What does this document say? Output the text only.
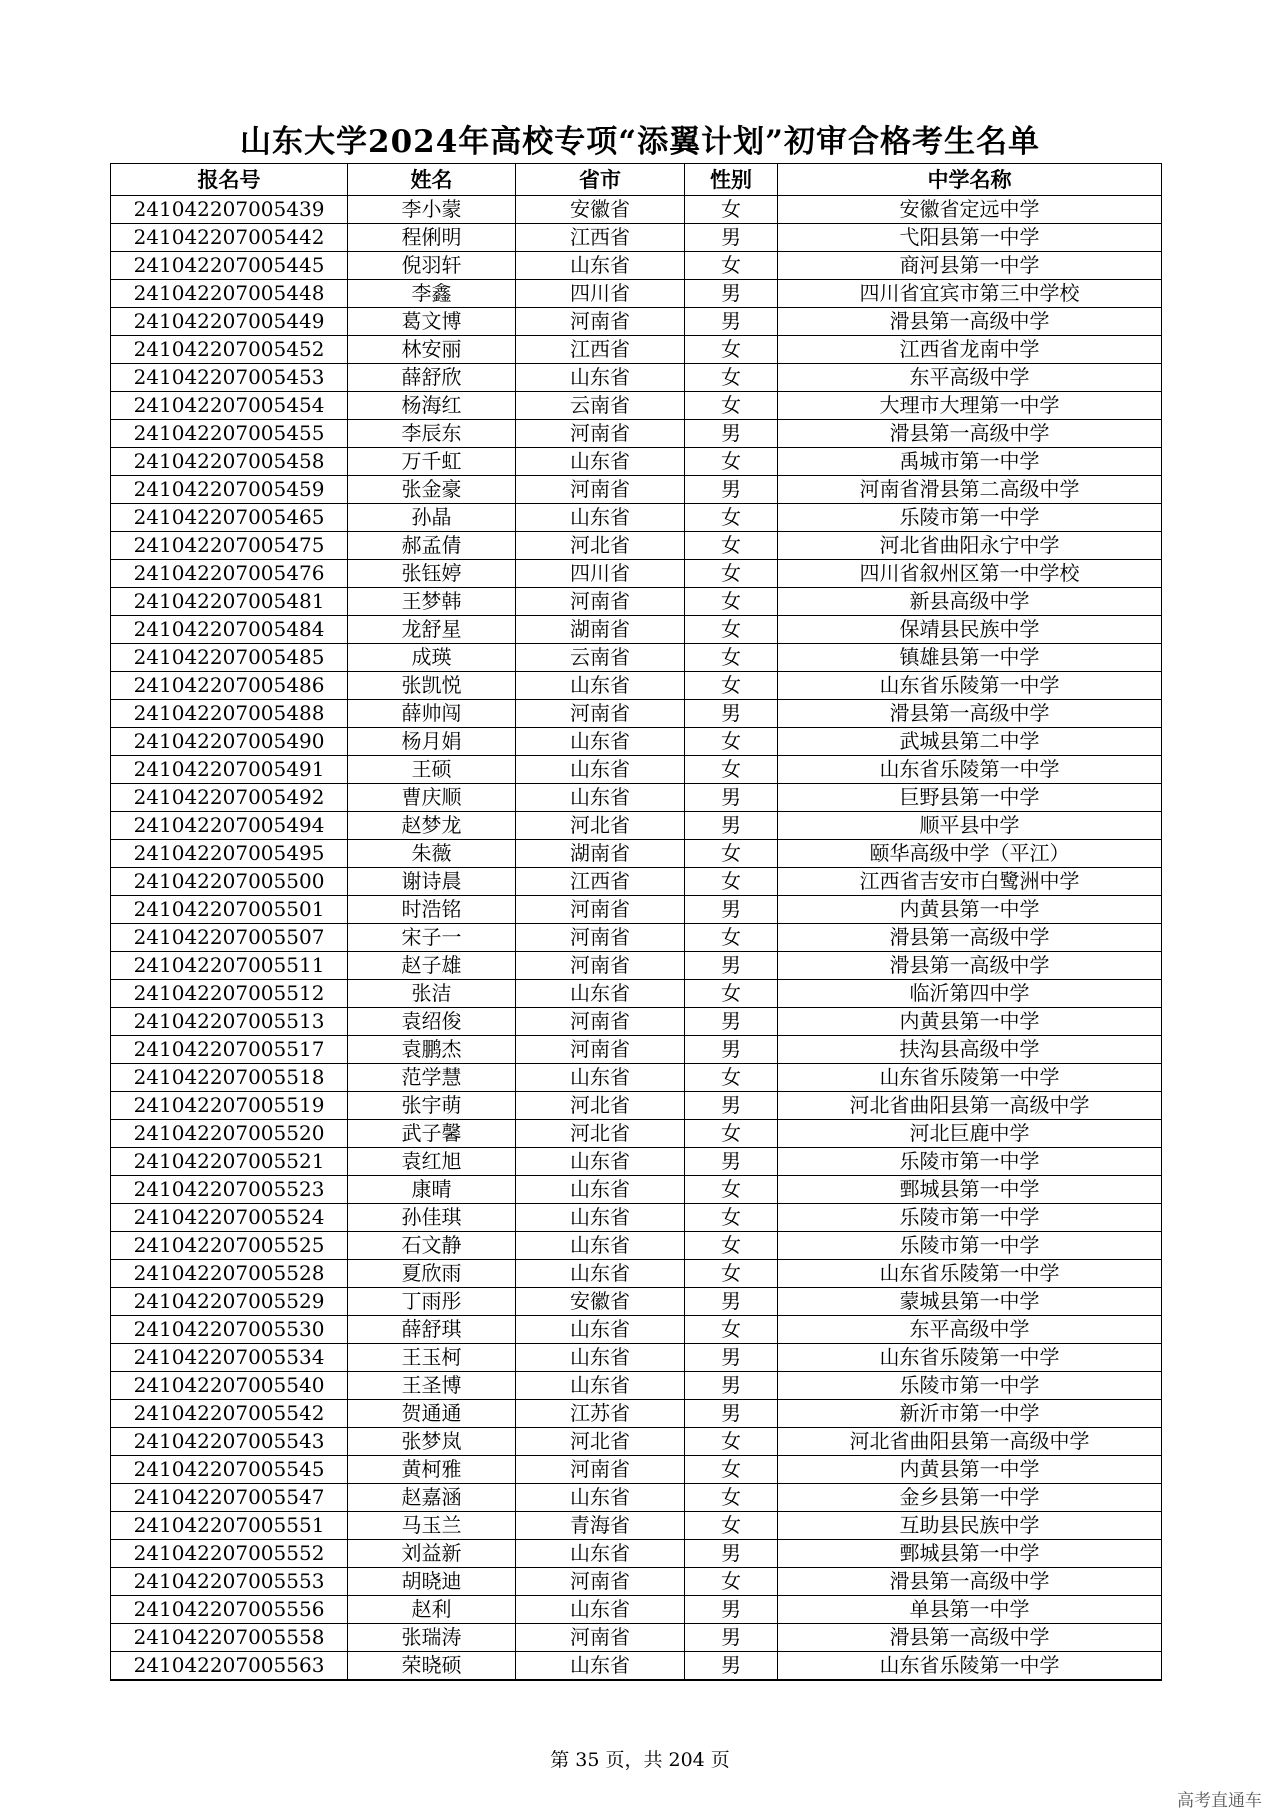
山东大学2024年高校专项“添翼计划”初审合格考生名单
报名号	姓名	省市	性别	中学名称
241042207005439	李小蒙	安徽省	女	安徽省定远中学
241042207005442	程俐明	江西省	男	弋阳县第一中学
241042207005445	倪羽轩	山东省	女	商河县第一中学
241042207005448	李鑫	四川省	男	四川省宜宾市第三中学校
241042207005449	葛文博	河南省	男	滑县第一高级中学
241042207005452	林安丽	江西省	女	江西省龙南中学
241042207005453	薛舒欣	山东省	女	东平高级中学
241042207005454	杨海红	云南省	女	大理市大理第一中学
241042207005455	李辰东	河南省	男	滑县第一高级中学
241042207005458	万千虹	山东省	女	禹城市第一中学
241042207005459	张金豪	河南省	男	河南省滑县第二高级中学
241042207005465	孙晶	山东省	女	乐陵市第一中学
241042207005475	郝孟倩	河北省	女	河北省曲阳永宁中学
241042207005476	张钰婷	四川省	女	四川省叙州区第一中学校
241042207005481	王梦韩	河南省	女	新县高级中学
241042207005484	龙舒星	湖南省	女	保靖县民族中学
241042207005485	成瑛	云南省	女	镇雄县第一中学
241042207005486	张凯悦	山东省	女	山东省乐陵第一中学
241042207005488	薛帅闯	河南省	男	滑县第一高级中学
241042207005490	杨月娟	山东省	女	武城县第二中学
241042207005491	王硕	山东省	女	山东省乐陵第一中学
241042207005492	曹庆顺	山东省	男	巨野县第一中学
241042207005494	赵梦龙	河北省	男	顺平县中学
241042207005495	朱薇	湖南省	女	颐华高级中学（平江）
241042207005500	谢诗晨	江西省	女	江西省吉安市白鹭洲中学
241042207005501	时浩铭	河南省	男	内黄县第一中学
241042207005507	宋子一	河南省	女	滑县第一高级中学
241042207005511	赵子雄	河南省	男	滑县第一高级中学
241042207005512	张洁	山东省	女	临沂第四中学
241042207005513	袁绍俊	河南省	男	内黄县第一中学
241042207005517	袁鹏杰	河南省	男	扶沟县高级中学
241042207005518	范学慧	山东省	女	山东省乐陵第一中学
241042207005519	张宇萌	河北省	男	河北省曲阳县第一高级中学
241042207005520	武子馨	河北省	女	河北巨鹿中学
241042207005521	袁红旭	山东省	男	乐陵市第一中学
241042207005523	康晴	山东省	女	鄄城县第一中学
241042207005524	孙佳琪	山东省	女	乐陵市第一中学
241042207005525	石文静	山东省	女	乐陵市第一中学
241042207005528	夏欣雨	山东省	女	山东省乐陵第一中学
241042207005529	丁雨彤	安徽省	男	蒙城县第一中学
241042207005530	薛舒琪	山东省	女	东平高级中学
241042207005534	王玉柯	山东省	男	山东省乐陵第一中学
241042207005540	王圣博	山东省	男	乐陵市第一中学
241042207005542	贺通通	江苏省	男	新沂市第一中学
241042207005543	张梦岚	河北省	女	河北省曲阳县第一高级中学
241042207005545	黄柯雅	河南省	女	内黄县第一中学
241042207005547	赵嘉涵	山东省	女	金乡县第一中学
241042207005551	马玉兰	青海省	女	互助县民族中学
241042207005552	刘益新	山东省	男	鄄城县第一中学
241042207005553	胡晓迪	河南省	女	滑县第一高级中学
241042207005556	赵利	山东省	男	单县第一中学
241042207005558	张瑞涛	河南省	男	滑县第一高级中学
241042207005563	荣晓硕	山东省	男	山东省乐陵第一中学
第 35 页，共 204 页
高考直通车
